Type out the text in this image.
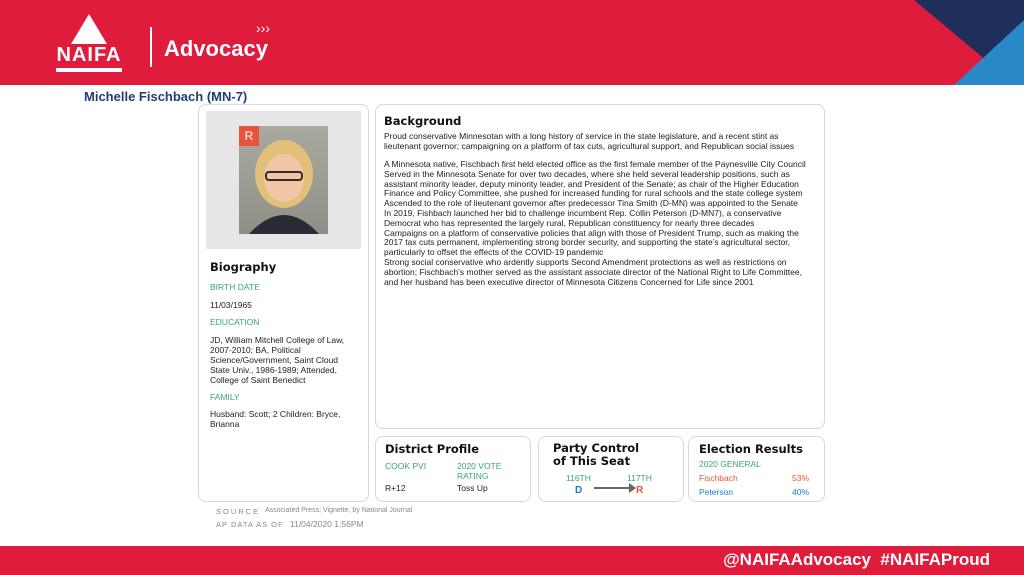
NAIFA Advocacy
›››
Michelle Fischbach (MN-7)
R
Biography
BIRTH DATE
11/03/1965
EDUCATION
JD, William Mitchell College of Law, 2007-2010; BA, Political Science/Government, Saint Cloud State Univ., 1986-1989; Attended, College of Saint Benedict
FAMILY
Husband: Scott; 2 Children: Bryce, Brianna
Background
Proud conservative Minnesotan with a long history of service in the state legislature, and a recent stint as lieutenant governor; campaigning on a platform of tax cuts, agricultural support, and Republican social issues
A Minnesota native, Fischbach first held elected office as the first female member of the Paynesville City Council
Served in the Minnesota Senate for over two decades, where she held several leadership positions, such as assistant minority leader, deputy minority leader, and President of the Senate; as chair of the Higher Education Finance and Policy Committee, she pushed for increased funding for rural schools and the state college system
Ascended to the role of lieutenant governor after predecessor Tina Smith (D-MN) was appointed to the Senate
In 2019, Fishbach launched her bid to challenge incumbent Rep. Collin Peterson (D-MN7), a conservative Democrat who has represented the largely rural, Republican constituency for nearly three decades
Campaigns on a platform of conservative policies that align with those of President Trump, such as making the 2017 tax cuts permanent, implementing strong border security, and supporting the state’s agricultural sector, particularly to offset the effects of the COVID-19 pandemic
Strong social conservative who ardently supports Second Amendment protections as well as restrictions on abortion; Fischbach’s mother served as the assistant associate director of the National Right to Life Committee, and her husband has been executive director of Minnesota Citizens Concerned for Life since 2001
District Profile
COOK PVI
R+12
2020 VOTE RATING
Toss Up
Party Control of This Seat
116TH	117TH
D	R
Election Results
2020 GENERAL
Fischbach	53%
Peterson	40%
SOURCE Associated Press; Vignette, by National Journal
AP DATA AS OF 11/04/2020 1:56PM
@NAIFAAdvocacy  #NAIFAProud
